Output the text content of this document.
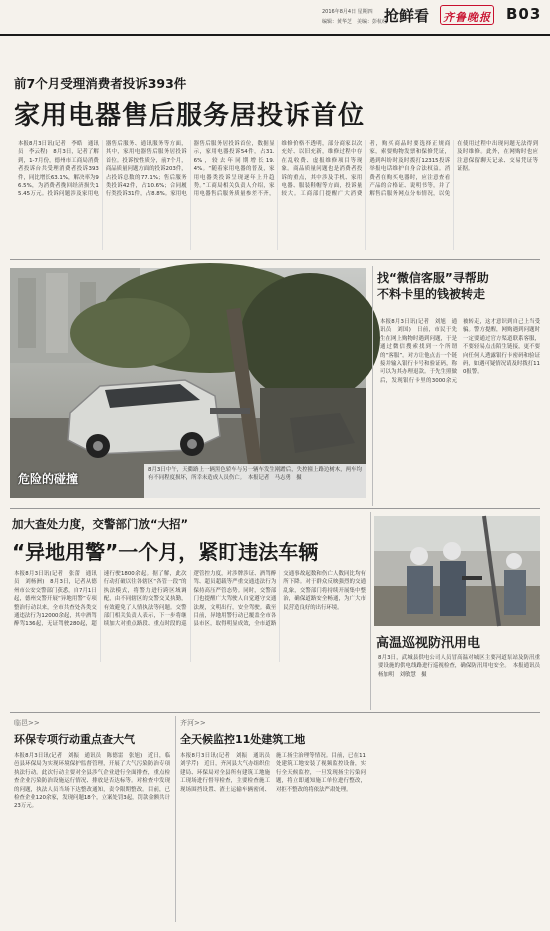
2016年8月4日 星期四
编辑：黄华芝　美编：彭杭红
抢鲜看 齐鲁晚报 B03
前7个月受理消费者投诉393件
家用电器售后服务居投诉首位
本报8月3日讯(记者　李皓　通讯员　李云程)　8月3日，记者了解到，1-7月份，德州市工商局消费者投诉台共受理消费者投诉393件，同比增长63.1%，解决率为96.5%，为消费者挽回经济损失15.45万元。投诉问题涉及家用电器售后服务、通讯服务等方面，其中，家用电器售后服务居投诉首位。投诉按性质分，前7个月，商品质量问题方面的投诉203件，占投诉总数的77.1%；售后服务类投诉42件，占10.6%；合同履行类投诉31件，占8.8%。家用电器售后服务居投诉首位，数据显示，家用电器投诉54件，占31.6%，较去年同期增长19.4%。“随着家用电器的普及，家用电器类投诉呈现逐年上升趋势。”工商局相关负责人介绍，家用电器售后服务质量参差不齐，维修价格不透明，部分商家以次充好、以旧充新，维修过程中存在乱收费、虚报维修项目等现象。商品质量问题也是消费者投诉的重点，其中涉及手机、家用电器、服装鞋帽等方面，投诉量较大。工商部门提醒广大消费者，购买商品时要选择正规商家，索要购物发票和保修凭证，遇到纠纷时及时拨打12315投诉举报电话维护自身合法权益。消费者在购买电器时，应注意查看产品的合格证、说明书等，并了解售后服务网点分布情况，以免在使用过程中出现问题无法得到及时维修。此外，在网购时也应注意保留聊天记录、交易凭证等证据。
危险的碰撞
8月3日中午，天衢路上一辆黑色轿车与另一辆车发生剐蹭后，失控撞上路边树木，两车均有不同程度损坏，所幸未造成人员伤亡。　本报记者　马志勇　摄
找“微信客服”寻帮助
不料卡里的钱被转走
本报8月3日讯(记者　刘旭　通讯员　刘国)　日前，市民于先生在网上购物时遇到问题，于是通过微信搜索找到一个所谓的“客服”。对方让他点击一个链接并输入银行卡号和验证码，称可以为其办理退款。于先生照做后，发现银行卡里的3000余元被转走，这才意识到自己上当受骗。警方提醒，网购遇到问题时一定要通过官方渠道联系客服，不要轻易点击陌生链接，更不要向任何人透露银行卡密码和验证码，如遇可疑情况请及时拨打110报警。
加大查处力度，交警部门放“大招”
“异地用警”一个月，紧盯违法车辆
本报8月3日讯(记者　张蕾　通讯员　刘杨洲)　8月3日，记者从德州市公安交警部门获悉，自7月1日起，德州交警开展“异地用警”专项整治行动以来，全市共查处各类交通违法行为12000余起，其中酒驾醉驾136起，无证驾驶280起，超速行驶1800余起。据了解，此次行动打破以往各辖区“各管一段”的执法模式，将警力进行跨区域调配，由不同辖区的交警交叉执勤，有效避免了人情执法等问题。交警部门相关负责人表示，下一步将继续加大对重点路段、重点时段的巡逻管控力度，对涉牌涉证、酒驾醉驾、超员超载等严重交通违法行为保持高压严管态势。同时，交警部门也提醒广大驾驶人自觉遵守交通法规，文明出行，安全驾驶。截至目前，异地用警行动已覆盖全市各县市区，取得明显成效，全市道路交通事故起数和伤亡人数同比均有所下降。对于群众反映强烈的交通乱象，交警部门将持续开展集中整治，确保道路安全畅通，为广大市民营造良好的出行环境。
高温巡视防汛用电
8月3日，武城县供电公司人员冒高温对城区主要河道泵站及防汛重要设施的供电线路进行巡视检查，确保防汛用电安全。　本报通讯员　杨加明　刘敏慧　摄
临邑>>
环保专项行动重点查大气
本报8月3日讯(记者　刘振　通讯员　陈德雷　张旭)　近日，临邑县环保局为实现环境保护监督管理，开展了大气污染防治专项执法行动。此次行动主要对全县涉气企业进行全面排查，重点检查企业污染防治设施运行情况、排放是否达标等。对检查中发现的问题，执法人员当场下达整改通知，责令限期整改。目前，已检查企业120余家，发现问题18个，立案处罚3起，罚款金额共计23万元。
齐河>>
全天候监控11处建筑工地
本报8月3日讯(记者　刘振　通讯员　刘学芹)　近日，齐河县大气办组织住建局、环保局对全县所有建筑工地施工现场进行督导检查，主要检查施工现场围挡设置、渣土运输车辆密闭、施工扬尘治理等情况。目前，已在11处建筑工地安装了视频监控设备，实行全天候监控，一旦发现扬尘污染问题，将立即通知施工单位进行整改，对拒不整改的将依法严肃处理。
